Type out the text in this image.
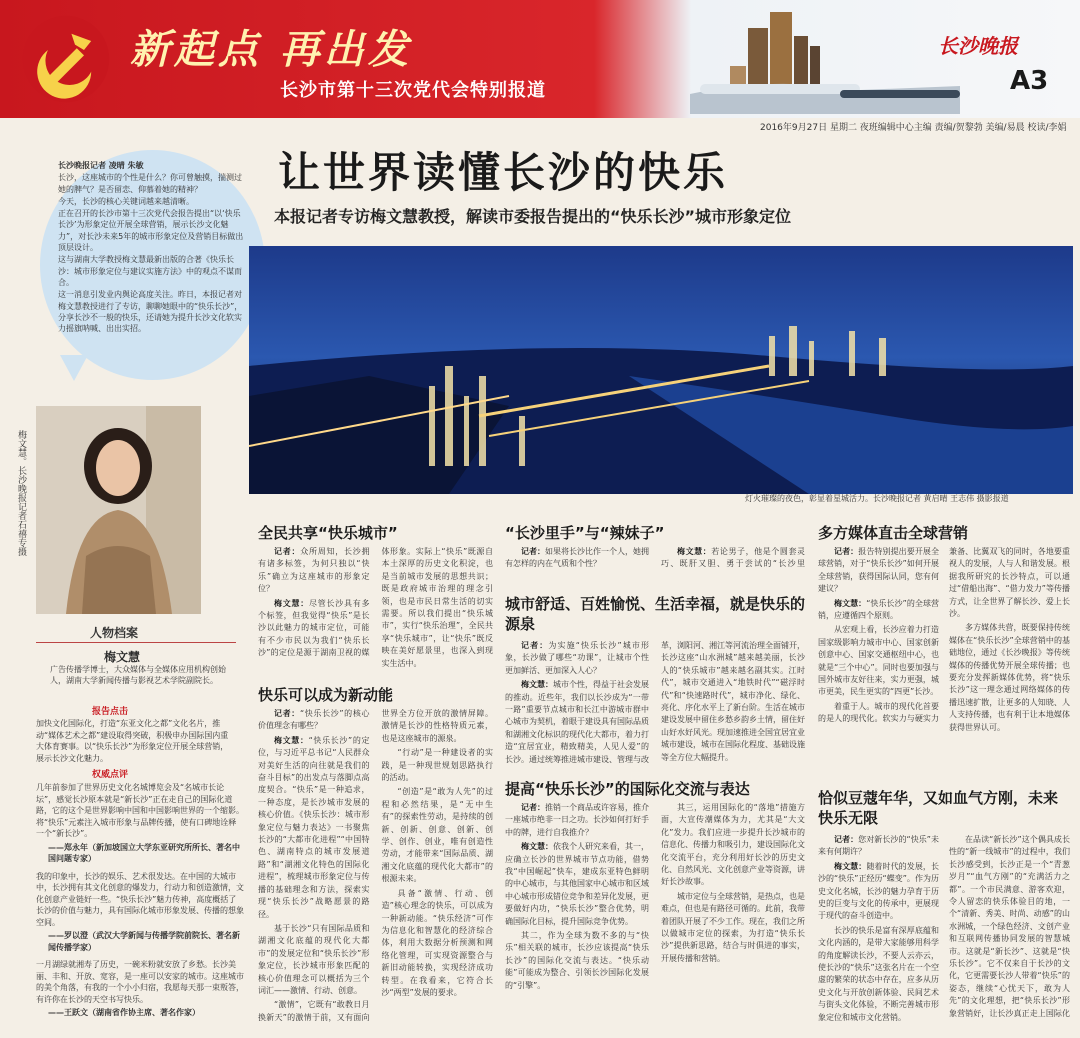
新起点 再出发
长沙市第十三次党代会特别报道
长沙晚报
A3
2016年9月27日 星期二 夜班编辑中心主编 责编/贺黎勃 美编/易晨 校读/李娟
让世界读懂长沙的快乐
本报记者专访梅文慧教授，解读市委报告提出的“快乐长沙”城市形象定位

长沙晚报记者 凌晴 朱敏

长沙，这座城市的个性是什么？你可曾触摸，揣测过她的脾气？是否留恋、仰慕着她的精神？

今天，长沙的核心关键词越来越清晰。

正在召开的长沙市第十三次党代会报告提出“以‘快乐长沙’为形象定位开展全球营销，展示长沙文化魅力”，对长沙未来5年的城市形象定位及营销目标做出顶层设计。

这与湖南大学教授梅文慧最新出版的合著《快乐长沙：城市形象定位与建议实施方法》中的观点不谋而合。

这一消息引发业内舆论高度关注。昨日，本报记者对梅文慧教授进行了专访，聊聊她眼中的“快乐长沙”，分享长沙不一般的快乐，还请她为提升长沙文化软实力摇旗呐喊、出出实招。

灯火璀璨的夜色，彰显着星城活力。长沙晚报记者 黄启晴 王志伟 摄影报道
梅文慧。长沙晚报记者石禧专摄
人物档案
梅文慧
广告传播学博士，大众媒体与全媒体应用机构创始人，湖南大学新闻传播与影视艺术学院副院长。
报告点击
加快文化国际化，打造“东亚文化之都”文化名片，推动“媒体艺术之都”建设取得突破，积极申办国际国内重大体育赛事。以“快乐长沙”为形象定位开展全球营销，展示长沙文化魅力。
权威点评

几年前参加了世界历史文化名城博览会及“名城市长论坛”，感觉长沙原本就是“新长沙”正在走自己的国际化道路，它的这个是世界影响中国和中国影响世界的一个缩影。将“快乐”元素注入城市形象与品牌传播，使有口碑地诠释一个“新长沙”。

——郑永年（新加坡国立大学东亚研究所所长、著名中国问题专家）

我的印象中，长沙的娱乐、艺术很发达。在中国的大城市中，长沙拥有其文化创意的爆发力，行动力和创造激情，文化创意产业链好一些。“快乐长沙”魅力传神，高度概括了长沙的价值与魅力，具有国际化城市形象发展、传播的想象空间。

——罗以澄（武汉大学新闻与传播学院前院长、著名新闻传播学家）

一月湖绿就湘寿了历史，一碗米粉就安放了乡愁。长沙美丽、丰和、开放、宽容，是一座可以安家的城市。这座城市的美个角落，有我的一个小小归宿，我愿每天那一束叛答，有许你在长沙的天空书写快乐。

——王跃文（湖南省作协主席、著名作家）

全民共享“快乐城市”

记者：众所周知，长沙拥有诸多标签，为何只独以“快乐”确立为这座城市的形象定位？

梅文慧：尽管长沙具有多个标签，但我觉得“快乐”是长沙以此魅力的城市定位，可能有不少市民以为我们“快乐长沙”的定位是源于湖南卫视的媒体形象。实际上“快乐”既源自本土深厚的历史文化积淀，也是当前城市发展的思想共识；既是政府城市治理的理念引领，也是市民日常生活的切实需要。所以我们提出“快乐城市”，实行“快乐治理”，全民共享“快乐城市”，让“快乐”既反映在美好愿景里，也深入到现实生活中。

快乐可以成为新动能

记者：“快乐长沙”的核心价值理念有哪些？

梅文慧：“快乐长沙”的定位，与习近平总书记“人民群众对美好生活的向往就是我们的奋斗目标”的出发点与落脚点高度契合。“快乐”是一种追求，一种态度，是长沙城市发展的核心价值。《快乐长沙：城市形象定位与魅力表达》一书聚焦长沙的“大都市化进程”“中国特色、湖南特点的城市发展道路”和“湖湘文化特色的国际化进程”，梳理城市形象定位与传播的基础理念和方法，探索实现“快乐长沙”战略愿景的路径。

基于长沙“只有国际品质和湖湘文化底蕴的现代化大都市”的发展定位和“快乐长沙”形象定位，长沙城市形象匹配的核心价值理念可以概括为三个词汇——激情、行动、创意。

“激情”，它既有“敢教日月换新天”的激情于前，又有面向世界全方位开放的激情屏障。激情是长沙的性格特质元素，也是这座城市的源泉。

“行动”是一种建设者的实践，是一种现世规划思路执行的活动。

“创造”是“敢为人先”的过程和必然结果，是“无中生有”的探索性劳动，是持续的创新、创新、创意、创新、创学、创作、创业，唯有创造性劳动，才能带来“国际品质、湖湘文化底蕴的现代化大都市”的根源未来。

具备“激情、行动、创造”核心理念的快乐，可以成为一种新动能。“快乐经济”可作为信息化和智慧化的经济综合体，利用大数据分析预测和网络化管理，可实现资源整合与新旧动能转换，实现经济成功转型。在我看来，它符合长沙“两型”发展的要求。

“长沙里手”与“辣妹子”

记者：如果将长沙比作一个人，她拥有怎样的内在气质和个性？

梅文慧：若论男子，他是个圆套灵巧、既肝又胆、勇于尝试的“长沙里

城市舒适、百姓愉悦、生活幸福，就是快乐的源泉

记者：为实施“快乐长沙”城市形象，长沙做了哪些“功课”，让城市个性更加鲜活、更加深入人心？

梅文慧：城市个性，得益于社会发展的推动。近些年，我们以长沙成为“一带一路”重要节点城市和长江中游城市群中心城市为契机，着眼于建设具有国际品质和湖湘文化标识的现代化大都市，着力打造“宜居宜业，精致精美，人见人爱”的长沙。通过统筹推进城市建设、管理与改革，浏阳河、湘江等河流治理全面铺开，长沙这座“山水洲城”越来越美丽，长沙人的“快乐城市”越来越名副其实。江时代”，城市交通进入“地铁时代”“磁浮时代”和“快速路时代”，城市净化、绿化、亮化、序化水平上了新台阶。生活在城市建设发展中留住乡愁乡韵乡土情，留住好山好水好风光。现加速推进全国宜居宜业城市建设，城市在国际化程度、基础设施等全方位大幅提升。

提高“快乐长沙”的国际化交流与表达

记者：推销一个商品或许容易，推介一座城市绝非一日之功。长沙如何打好手中的牌，进行自我推介？

梅文慧：依我个人研究来看，其一，应确立长沙的世界城市节点功能，借势我“中国崛起”快车，建成东亚特色鲜明的中心城市，与其他国家中心城市和区域中心城市形成错位竞争和差异化发展，更要做好内功，“快乐长沙”整合优势，明确国际化目标，提升国际竞争优势。

其二，作为全球为数不多的与“快乐”相关联的城市，长沙应该提高“快乐长沙”的国际化交流与表达。“快乐动能”可能成为整合、引领长沙国际化发展的“引擎”。

其三，运用国际化的“落地”措施方面，大宣传潮媒体为力，尤其是“大文化”发力。我们应进一步提升长沙城市的信息化、传播力和吸引力，建设国际化文化交流平台，充分利用好长沙的历史文化、自然风光、文化创意产业等资源，讲好长沙故事。

城市定位与全球营销，是热点，也是难点，但也是有路径可循的。此前，我带着团队开展了不少工作。现在，我们之所以做城市定位的探索，为打造“快乐长沙”提供新思路，结合与时俱进的事实，开展传播和营销。

多方媒体直击全球营销

记者：报告特别提出要开展全球营销，对于“快乐长沙”如何开展全球营销，获得国际认同，您有何建议？

梅文慧：“快乐长沙”的全球营销，应遵循四个原则。

从宏观上看，长沙应着力打造国家级影响力城市中心、国家创新创意中心、国家交通枢纽中心，也就是“三个中心”。同时也要加强与国外城市友好往来，实力更强，城市更美，民生更实的“四更”长沙。

着重于人。城市的现代化首要的是人的现代化。软实力与硬实力兼备、比翼双飞的同时，各地要重视人的发展，人与人和谐发展。根据我所研究的长沙特点，可以通过“借船出海”、“借力发力”等传播方式，让全世界了解长沙、爱上长沙。

多方媒体共营，既要保持传统媒体在“快乐长沙”全球营销中的基础地位，通过《长沙晚报》等传统媒体的传播优势开展全球传播；也要充分发挥新媒体优势，将“快乐长沙”这一理念通过网络媒体的传播迅速扩散，让更多的人知晓、人人支持传播，也有利于让本地媒体获得世界认可。

恰似豆蔻年华，又如血气方刚，未来快乐无限

记者：您对新长沙的“快乐”未来有何期许？

梅文慧：随着时代的发展，长沙的“快乐”正经历“蝶变”。作为历史文化名城，长沙的魅力孕育于历史的巨变与文化的传承中，更展现于现代的奋斗创造中。

长沙的快乐是富有深厚底蕴和文化内涵的，是带大家能够用科学的角度解读长沙，不要人云亦云，使长沙的“快乐”这张名片在一个空虚的繁荣的状态中存在，应多从历史文化与开放创新体验、民间艺术与街头文化体验，不断完善城市形象定位和城市文化营销。

在品读“新长沙”这个偶具成长性的“新一线城市”的过程中，我们长沙感受到，长沙正是一个“青葱岁月”“血气方刚”的“充满活力之都”。一个市民满意、游客欢迎，令人留恋的快乐体验目的地，一个“清新、秀美、时尚、动感”的山水洲城，一个绿色经济、文创产业和互联网传播协同发展的智慧城市。这就是“新长沙”、这就是“快乐长沙”。它不仅来自于长沙的文化，它更需要长沙人带着“快乐”的姿态，继续“心忧天下，敢为人先”的文化理想，把“快乐长沙”形象营销好，让长沙真正走上国际化
